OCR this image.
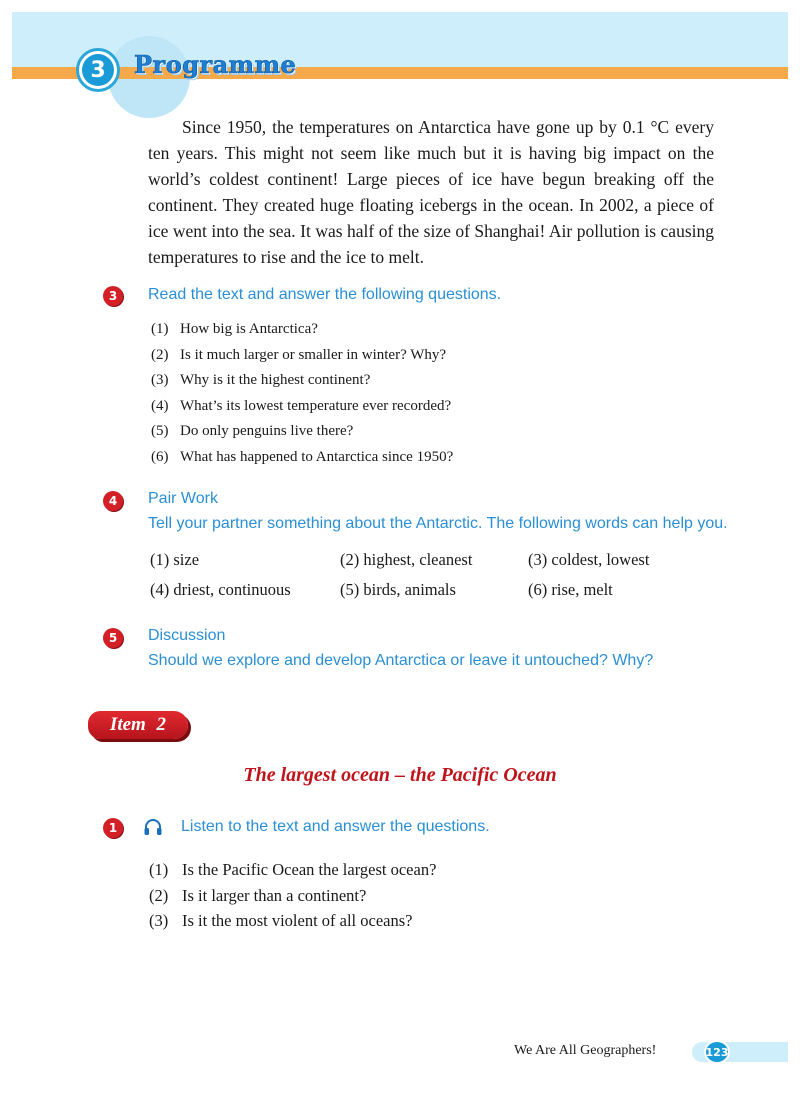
3	Programme

Since 1950, the temperatures on Antarctica have gone up by 0.1 °C every ten years. This might not seem like much but it is having big impact on the world’s coldest continent! Large pieces of ice have begun breaking off the continent. They created huge floating icebergs in the ocean. In 2002, a piece of ice went into the sea. It was half of the size of Shanghai! Air pollution is causing temperatures to rise and the ice to melt.

3	Read the text and answer the following questions.

(1) How big is Antarctica?
(2) Is it much larger or smaller in winter? Why?
(3) Why is it the highest continent?
(4) What’s its lowest temperature ever recorded?
(5) Do only penguins live there?
(6) What has happened to Antarctica since 1950?
4	Pair Work

Tell your partner something about the Antarctic. The following words can help you.

(1) size	(2) highest, cleanest	(3) coldest, lowest
(4) driest, continuous	(5) birds, animals	(6) rise, melt
5	Discussion

Should we explore and develop Antarctica or leave it untouched? Why?

Item 2
The largest ocean – the Pacific Ocean
1	Listen to the text and answer the questions.

(1) Is the Pacific Ocean the largest ocean?
(2) Is it larger than a continent?
(3) Is it the most violent of all oceans?
We Are All Geographers!	123
